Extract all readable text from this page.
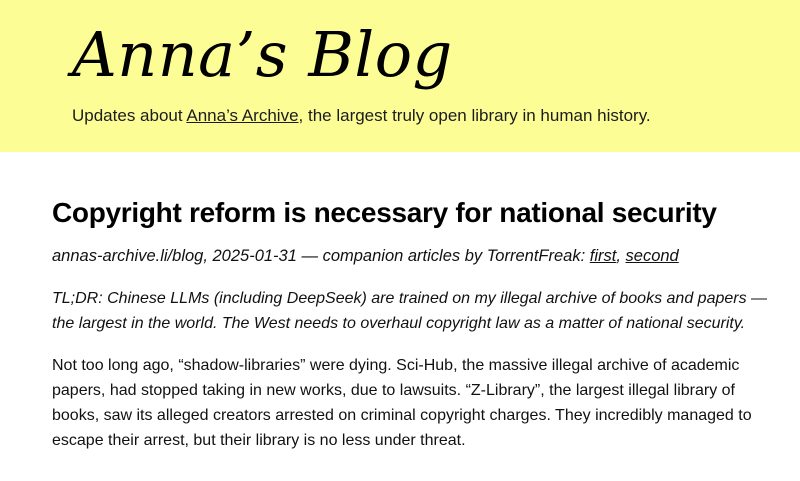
Anna’s Blog
Updates about Anna’s Archive, the largest truly open library in human history.
Copyright reform is necessary for national security

annas-archive.li/blog, 2025-01-31 — companion articles by TorrentFreak: first, second

TL;DR: Chinese LLMs (including DeepSeek) are trained on my illegal archive of books and papers — the largest in the world. The West needs to overhaul copyright law as a matter of national security.

Not too long ago, “shadow-libraries” were dying. Sci-Hub, the massive illegal archive of academic papers, had stopped taking in new works, due to lawsuits. “Z-Library”, the largest illegal library of books, saw its alleged creators arrested on criminal copyright charges. They incredibly managed to escape their arrest, but their library is no less under threat.
